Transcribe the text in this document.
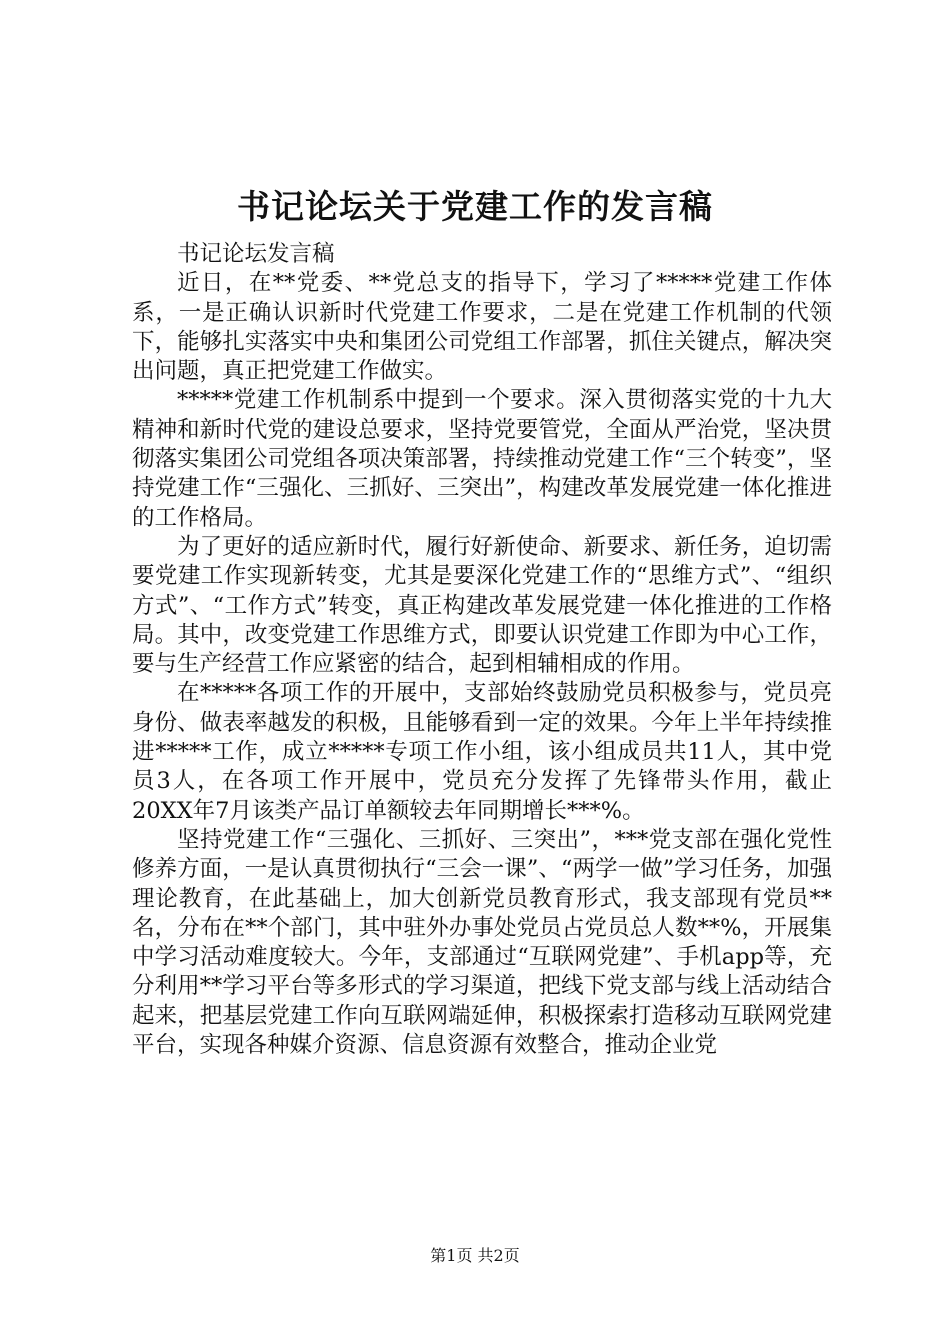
书记论坛关于党建工作的发言稿

书记论坛发言稿

近日，在**党委、**党总支的指导下，学习了*****党建工作体系，一是正确认识新时代党建工作要求，二是在党建工作机制的代领下，能够扎实落实中央和集团公司党组工作部署，抓住关键点，解决突出问题，真正把党建工作做实。

*****党建工作机制系中提到一个要求。深入贯彻落实党的十九大精神和新时代党的建设总要求，坚持党要管党，全面从严治党，坚决贯彻落实集团公司党组各项决策部署，持续推动党建工作“三个转变”，坚持党建工作“三强化、三抓好、三突出”，构建改革发展党建一体化推进的工作格局。

为了更好的适应新时代，履行好新使命、新要求、新任务，迫切需要党建工作实现新转变，尤其是要深化党建工作的“思维方式”、“组织方式”、“工作方式”转变，真正构建改革发展党建一体化推进的工作格局。其中，改变党建工作思维方式，即要认识党建工作即为中心工作，要与生产经营工作应紧密的结合，起到相辅相成的作用。

在*****各项工作的开展中，支部始终鼓励党员积极参与，党员亮身份、做表率越发的积极，且能够看到一定的效果。今年上半年持续推进*****工作，成立*****专项工作小组，该小组成员共11人，其中党员3人，在各项工作开展中，党员充分发挥了先锋带头作用，截止20XX年7月该类产品订单额较去年同期增长***%。

坚持党建工作“三强化、三抓好、三突出”，***党支部在强化党性修养方面，一是认真贯彻执行“三会一课”、“两学一做”学习任务，加强理论教育，在此基础上，加大创新党员教育形式，我支部现有党员**名，分布在**个部门，其中驻外办事处党员占党员总人数**%，开展集中学习活动难度较大。今年，支部通过“互联网党建”、手机app等，充分利用**学习平台等多形式的学习渠道，把线下党支部与线上活动结合起来，把基层党建工作向互联网端延伸，积极探索打造移动互联网党建平台，实现各种媒介资源、信息资源有效整合，推动企业党

第1页 共2页
